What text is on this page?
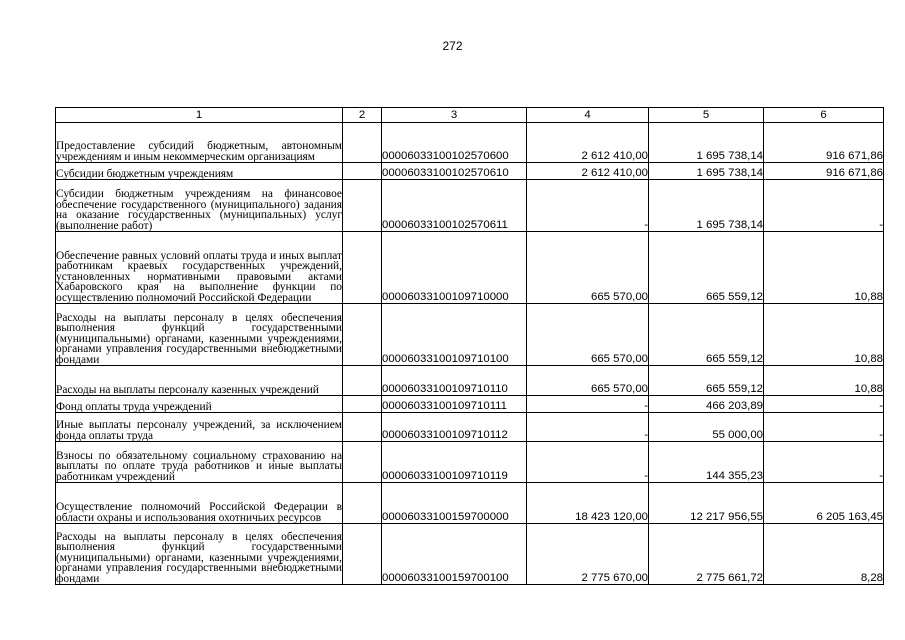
272
1	2	3	4	5	6
Предоставление субсидий бюджетным, автономным учреждениям и иным некоммерческим организациям		00006033100102570600	2 612 410,00	1 695 738,14	916 671,86
Субсидии бюджетным учреждениям		00006033100102570610	2 612 410,00	1 695 738,14	916 671,86
Субсидии бюджетным учреждениям на финансовое обеспечение государственного (муниципального) задания на оказание государственных (муниципальных) услуг (выполнение работ)		00006033100102570611	-	1 695 738,14	-
Обеспечение равных условий оплаты труда и иных выплат работникам краевых государственных учреждений, установленных нормативными правовыми актами Хабаровского края на выполнение функции по осуществлению полномочий Российской Федерации		00006033100109710000	665 570,00	665 559,12	10,88
Расходы на выплаты персоналу в целях обеспечения выполнения функций государственными (муниципальными) органами, казенными учреждениями, органами управления государственными внебюджетными фондами		00006033100109710100	665 570,00	665 559,12	10,88
Расходы на выплаты персоналу казенных учреждений		00006033100109710110	665 570,00	665 559,12	10,88
Фонд оплаты труда учреждений		00006033100109710111	-	466 203,89	-
Иные выплаты персоналу учреждений, за исключением фонда оплаты труда		00006033100109710112	-	55 000,00	-
Взносы по обязательному социальному страхованию на выплаты по оплате труда работников и иные выплаты работникам учреждений		00006033100109710119	-	144 355,23	-
Осуществление полномочий Российской Федерации в области охраны и использования охотничьих ресурсов		00006033100159700000	18 423 120,00	12 217 956,55	6 205 163,45
Расходы на выплаты персоналу в целях обеспечения выполнения функций государственными (муниципальными) органами, казенными учреждениями, органами управления государственными внебюджетными фондами		00006033100159700100	2 775 670,00	2 775 661,72	8,28
